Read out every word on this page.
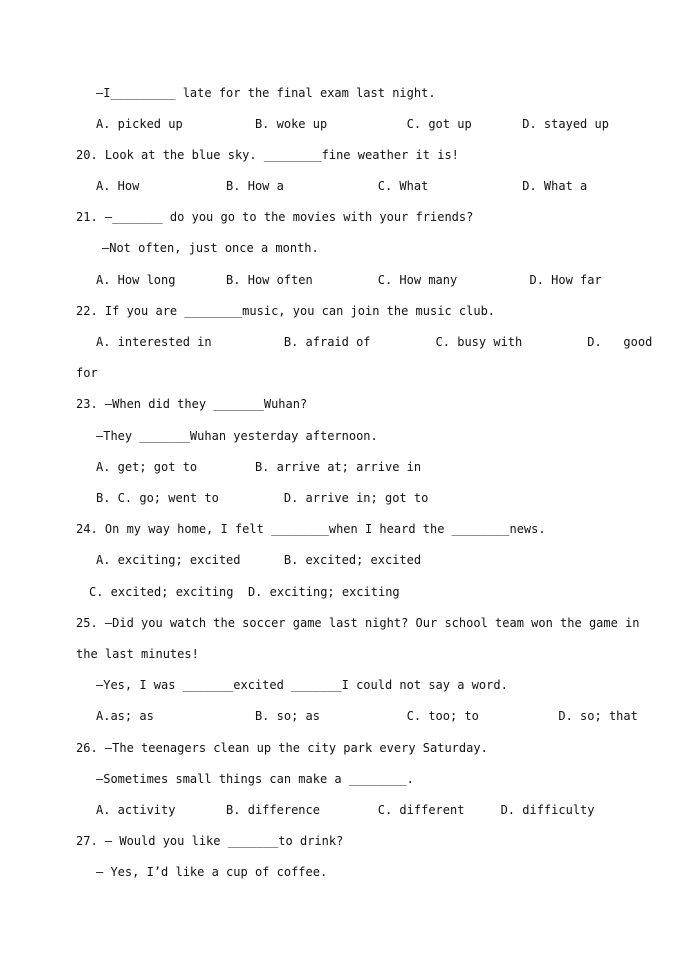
—I_________ late for the final exam last night.
A. picked up          B. woke up           C. got up       D. stayed up
20. Look at the blue sky. ________fine weather it is!
A. How            B. How a             C. What             D. What a
21. —_______ do you go to the movies with your friends?
—Not often, just once a month.
A. How long       B. How often         C. How many          D. How far
22. If you are ________music, you can join the music club.
A. interested in          B. afraid of         C. busy with         D.   good
for
23. —When did they _______Wuhan?
—They _______Wuhan yesterday afternoon.
A. get; got to        B. arrive at; arrive in
B. C. go; went to         D. arrive in; got to
24. On my way home, I felt ________when I heard the ________news.
A. exciting; excited      B. excited; excited
C. excited; exciting  D. exciting; exciting
25. —Did you watch the soccer game last night? Our school team won the game in
the last minutes!
—Yes, I was _______excited _______I could not say a word.
A.as; as              B. so; as            C. too; to           D. so; that
26. —The teenagers clean up the city park every Saturday.
—Sometimes small things can make a ________.
A. activity       B. difference        C. different     D. difficulty
27. — Would you like _______to drink?
— Yes, I’d like a cup of coffee.
